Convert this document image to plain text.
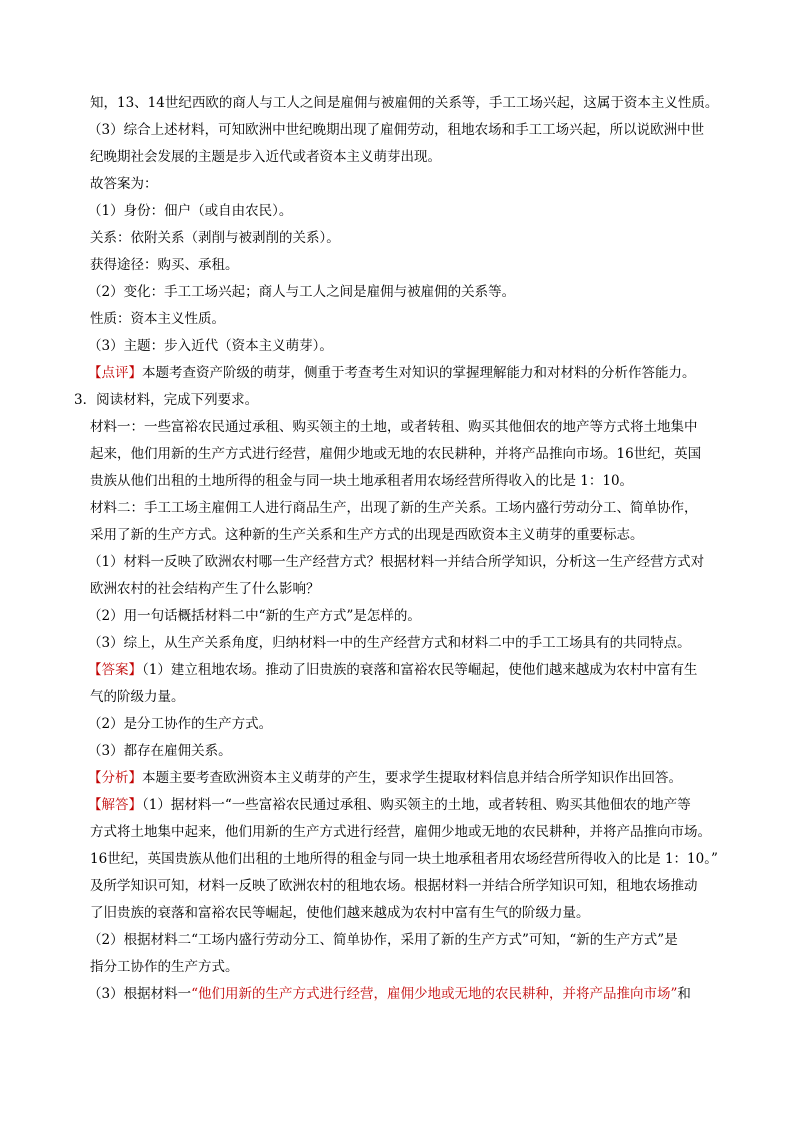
知，13、14世纪西欧的商人与工人之间是雇佣与被雇佣的关系等，手工工场兴起，这属于资本主义性质。
（3）综合上述材料，可知欧洲中世纪晚期出现了雇佣劳动，租地农场和手工工场兴起，所以说欧洲中世
纪晚期社会发展的主题是步入近代或者资本主义萌芽出现。
故答案为：
（1）身份：佃户（或自由农民）。
关系：依附关系（剥削与被剥削的关系）。
获得途径：购买、承租。
（2）变化：手工工场兴起；商人与工人之间是雇佣与被雇佣的关系等。
性质：资本主义性质。
（3）主题：步入近代（资本主义萌芽）。
【点评】本题考查资产阶级的萌芽，侧重于考查考生对知识的掌握理解能力和对材料的分析作答能力。
3．阅读材料，完成下列要求。
材料一：一些富裕农民通过承租、购买领主的土地，或者转租、购买其他佃农的地产等方式将土地集中
起来，他们用新的生产方式进行经营，雇佣少地或无地的农民耕种，并将产品推向市场。16世纪，英国
贵族从他们出租的土地所得的租金与同一块土地承租者用农场经营所得收入的比是 1：10。
材料二：手工工场主雇佣工人进行商品生产，出现了新的生产关系。工场内盛行劳动分工、简单协作，
采用了新的生产方式。这种新的生产关系和生产方式的出现是西欧资本主义萌芽的重要标志。
（1）材料一反映了欧洲农村哪一生产经营方式？根据材料一并结合所学知识，分析这一生产经营方式对
欧洲农村的社会结构产生了什么影响？
（2）用一句话概括材料二中“新的生产方式”是怎样的。
（3）综上，从生产关系角度，归纳材料一中的生产经营方式和材料二中的手工工场具有的共同特点。
【答案】（1）建立租地农场。推动了旧贵族的衰落和富裕农民等崛起，使他们越来越成为农村中富有生
气的阶级力量。
（2）是分工协作的生产方式。
（3）都存在雇佣关系。
【分析】本题主要考查欧洲资本主义萌芽的产生，要求学生提取材料信息并结合所学知识作出回答。
【解答】（1）据材料一“一些富裕农民通过承租、购买领主的土地，或者转租、购买其他佃农的地产等
方式将土地集中起来，他们用新的生产方式进行经营，雇佣少地或无地的农民耕种，并将产品推向市场。
16世纪，英国贵族从他们出租的土地所得的租金与同一块土地承租者用农场经营所得收入的比是 1：10。”
及所学知识可知，材料一反映了欧洲农村的租地农场。根据材料一并结合所学知识可知，租地农场推动
了旧贵族的衰落和富裕农民等崛起，使他们越来越成为农村中富有生气的阶级力量。
（2）根据材料二“工场内盛行劳动分工、简单协作，采用了新的生产方式”可知，“新的生产方式”是
指分工协作的生产方式。
（3）根据材料一“他们用新的生产方式进行经营，雇佣少地或无地的农民耕种，并将产品推向市场”和
